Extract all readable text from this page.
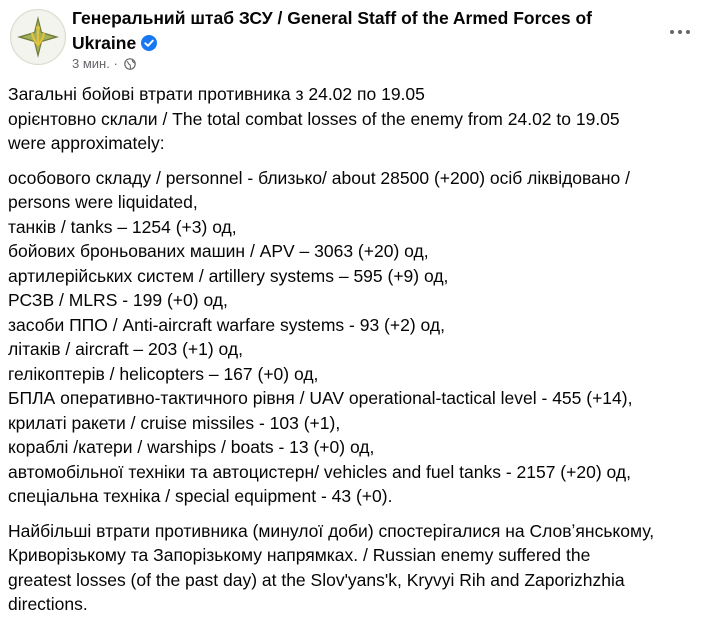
Генеральний штаб ЗСУ / General Staff of the Armed Forces of
Ukraine
3 мин. ·

Загальні бойові втрати противника з 24.02 по 19.05
орієнтовно склали / The total combat losses of the enemy from 24.02 to 19.05
were approximately:

особового складу / personnel - близько/ about 28500 (+200) осіб ліквідовано /
persons were liquidated,
танків / tanks – 1254 (+3) од,
бойових броньованих машин / APV – 3063 (+20) од,
артилерійських систем / artillery systems – 595 (+9) од,
РСЗВ / MLRS - 199 (+0) од,
засоби ППО / Anti-aircraft warfare systems - 93 (+2) од,
літаків / aircraft – 203 (+1) од,
гелікоптерів / helicopters – 167 (+0) од,
БПЛА оперативно-тактичного рівня / UAV operational-tactical level - 455 (+14),
крилаті ракети / cruise missiles - 103 (+1),
кораблі /катери / warships / boats - 13 (+0) од,
автомобільної техніки та автоцистерн/ vehicles and fuel tanks - 2157 (+20) од,
спеціальна техніка / special equipment - 43 (+0).

Найбільші втрати противника (минулої доби) спостерігалися на Словʼянському,
Криворізькому та Запорізькому напрямках. / Russian enemy suffered the
greatest losses (of the past day) at the Slov'yans'k, Kryvyi Rih and Zaporizhzhia
directions.
